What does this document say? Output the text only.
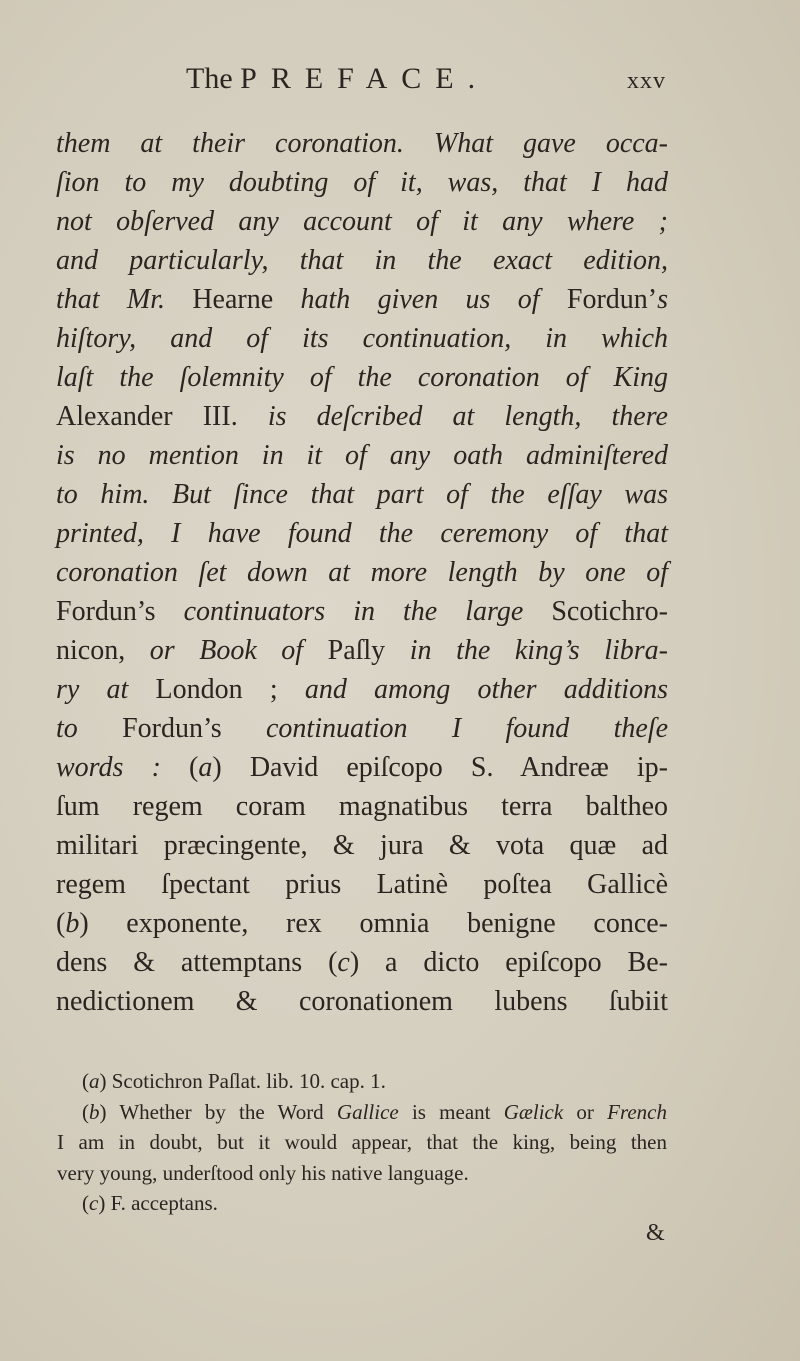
The PREFACE.	xxv
them at their coronation. What gave occa-
ſion to my doubting of it, was, that I had
not obſerved any account of it any where ;
and particularly, that in the exact edition,
that Mr. Hearne hath given us of Fordun’s
hiſtory, and of its continuation, in which
laſt the ſolemnity of the coronation of King
Alexander III. is deſcribed at length, there
is no mention in it of any oath adminiſtered
to him. But ſince that part of the eſſay was
printed, I have found the ceremony of that
coronation ſet down at more length by one of
Fordun’s continuators in the large Scotichro-
nicon, or Book of Paſly in the king’s libra-
ry at London ; and among other additions
to Fordun’s continuation I found theſe
words : (a) David epiſcopo S. Andreæ ip-
ſum regem coram magnatibus terra baltheo
militari præcingente, & jura & vota quæ ad
regem ſpectant prius Latinè poſtea Gallicè
(b) exponente, rex omnia benigne conce-
dens & attemptans (c) a dicto epiſcopo Be-
nedictionem & coronationem lubens ſubiit
(a) Scotichron Paſlat. lib. 10. cap. 1.
(b) Whether by the Word Gallice is meant Gælick or French
I am in doubt, but it would appear, that the king, being then
very young, underſtood only his native language.
(c) F. acceptans.
&
